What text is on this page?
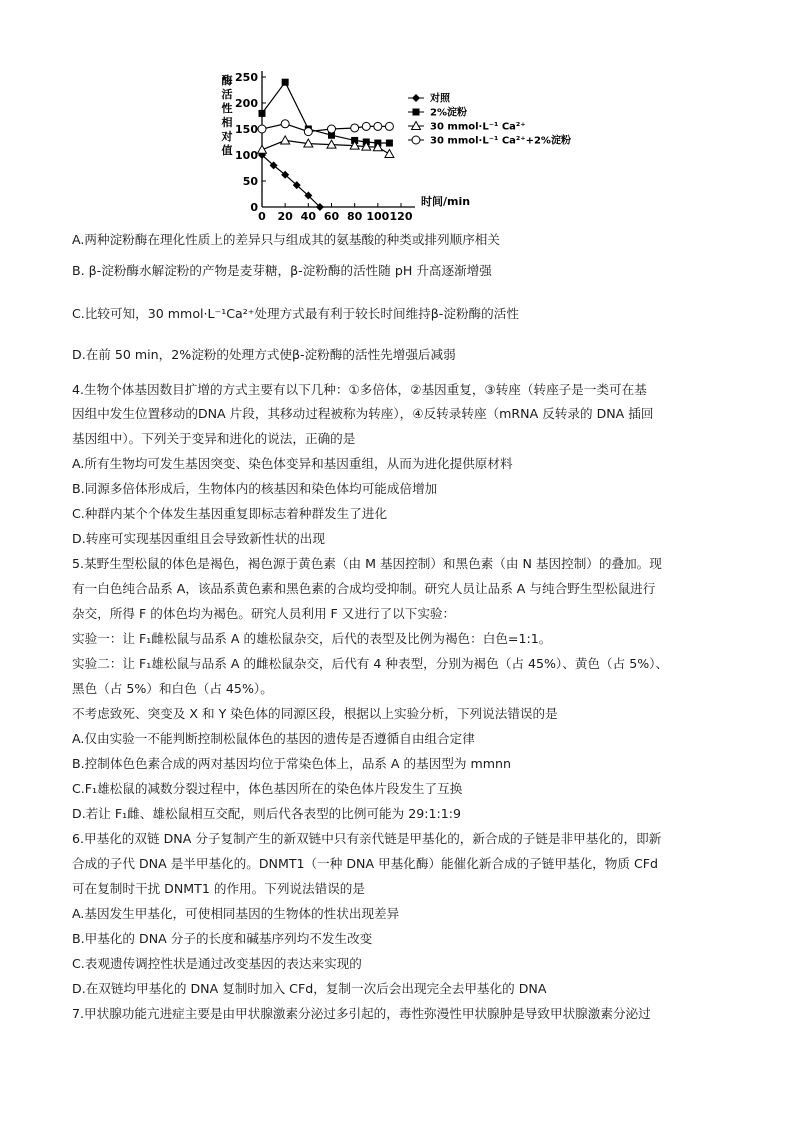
0
50
100
150
200
250
0 20 40 60 80 100 120
时间/min
酶活性相对值
对照
2%淀粉
30 mmol·L⁻¹ Ca²⁺
30 mmol·L⁻¹ Ca²⁺+2%淀粉
A.两种淀粉酶在理化性质上的差异只与组成其的氨基酸的种类或排列顺序相关
B. β-淀粉酶水解淀粉的产物是麦芽糖，β-淀粉酶的活性随 pH 升高逐渐增强
C.比较可知，30 mmol·L⁻¹Ca²⁺处理方式最有利于较长时间维持β-淀粉酶的活性
D.在前 50 min，2%淀粉的处理方式使β-淀粉酶的活性先增强后减弱
4.生物个体基因数目扩增的方式主要有以下几种：①多倍体，②基因重复，③转座（转座子是一类可在基
因组中发生位置移动的DNA 片段，其移动过程被称为转座），④反转录转座（mRNA 反转录的 DNA 插回
基因组中）。下列关于变异和进化的说法，正确的是
A.所有生物均可发生基因突变、染色体变异和基因重组，从而为进化提供原材料
B.同源多倍体形成后，生物体内的核基因和染色体均可能成倍增加
C.种群内某个个体发生基因重复即标志着种群发生了进化
D.转座可实现基因重组且会导致新性状的出现
5.某野生型松鼠的体色是褐色，褐色源于黄色素（由 M 基因控制）和黑色素（由 N 基因控制）的叠加。现
有一白色纯合品系 A，该品系黄色素和黑色素的合成均受抑制。研究人员让品系 A 与纯合野生型松鼠进行
杂交，所得 F 的体色均为褐色。研究人员利用 F 又进行了以下实验：
实验一：让 F₁雌松鼠与品系 A 的雄松鼠杂交，后代的表型及比例为褐色：白色=1:1。
实验二：让 F₁雄松鼠与品系 A 的雌松鼠杂交，后代有 4 种表型，分别为褐色（占 45%）、黄色（占 5%）、
黑色（占 5%）和白色（占 45%）。
不考虑致死、突变及 X 和 Y 染色体的同源区段，根据以上实验分析，下列说法错误的是
A.仅由实验一不能判断控制松鼠体色的基因的遗传是否遵循自由组合定律
B.控制体色色素合成的两对基因均位于常染色体上，品系 A 的基因型为 mmnn
C.F₁雄松鼠的减数分裂过程中，体色基因所在的染色体片段发生了互换
D.若让 F₁雌、雄松鼠相互交配，则后代各表型的比例可能为 29:1:1:9
6.甲基化的双链 DNA 分子复制产生的新双链中只有亲代链是甲基化的，新合成的子链是非甲基化的，即新
合成的子代 DNA 是半甲基化的。DNMT1（一种 DNA 甲基化酶）能催化新合成的子链甲基化，物质 CFd
可在复制时干扰 DNMT1 的作用。下列说法错误的是
A.基因发生甲基化，可使相同基因的生物体的性状出现差异
B.甲基化的 DNA 分子的长度和碱基序列均不发生改变
C.表观遗传调控性状是通过改变基因的表达来实现的
D.在双链均甲基化的 DNA 复制时加入 CFd，复制一次后会出现完全去甲基化的 DNA
7.甲状腺功能亢进症主要是由甲状腺激素分泌过多引起的，毒性弥漫性甲状腺肿是导致甲状腺激素分泌过
